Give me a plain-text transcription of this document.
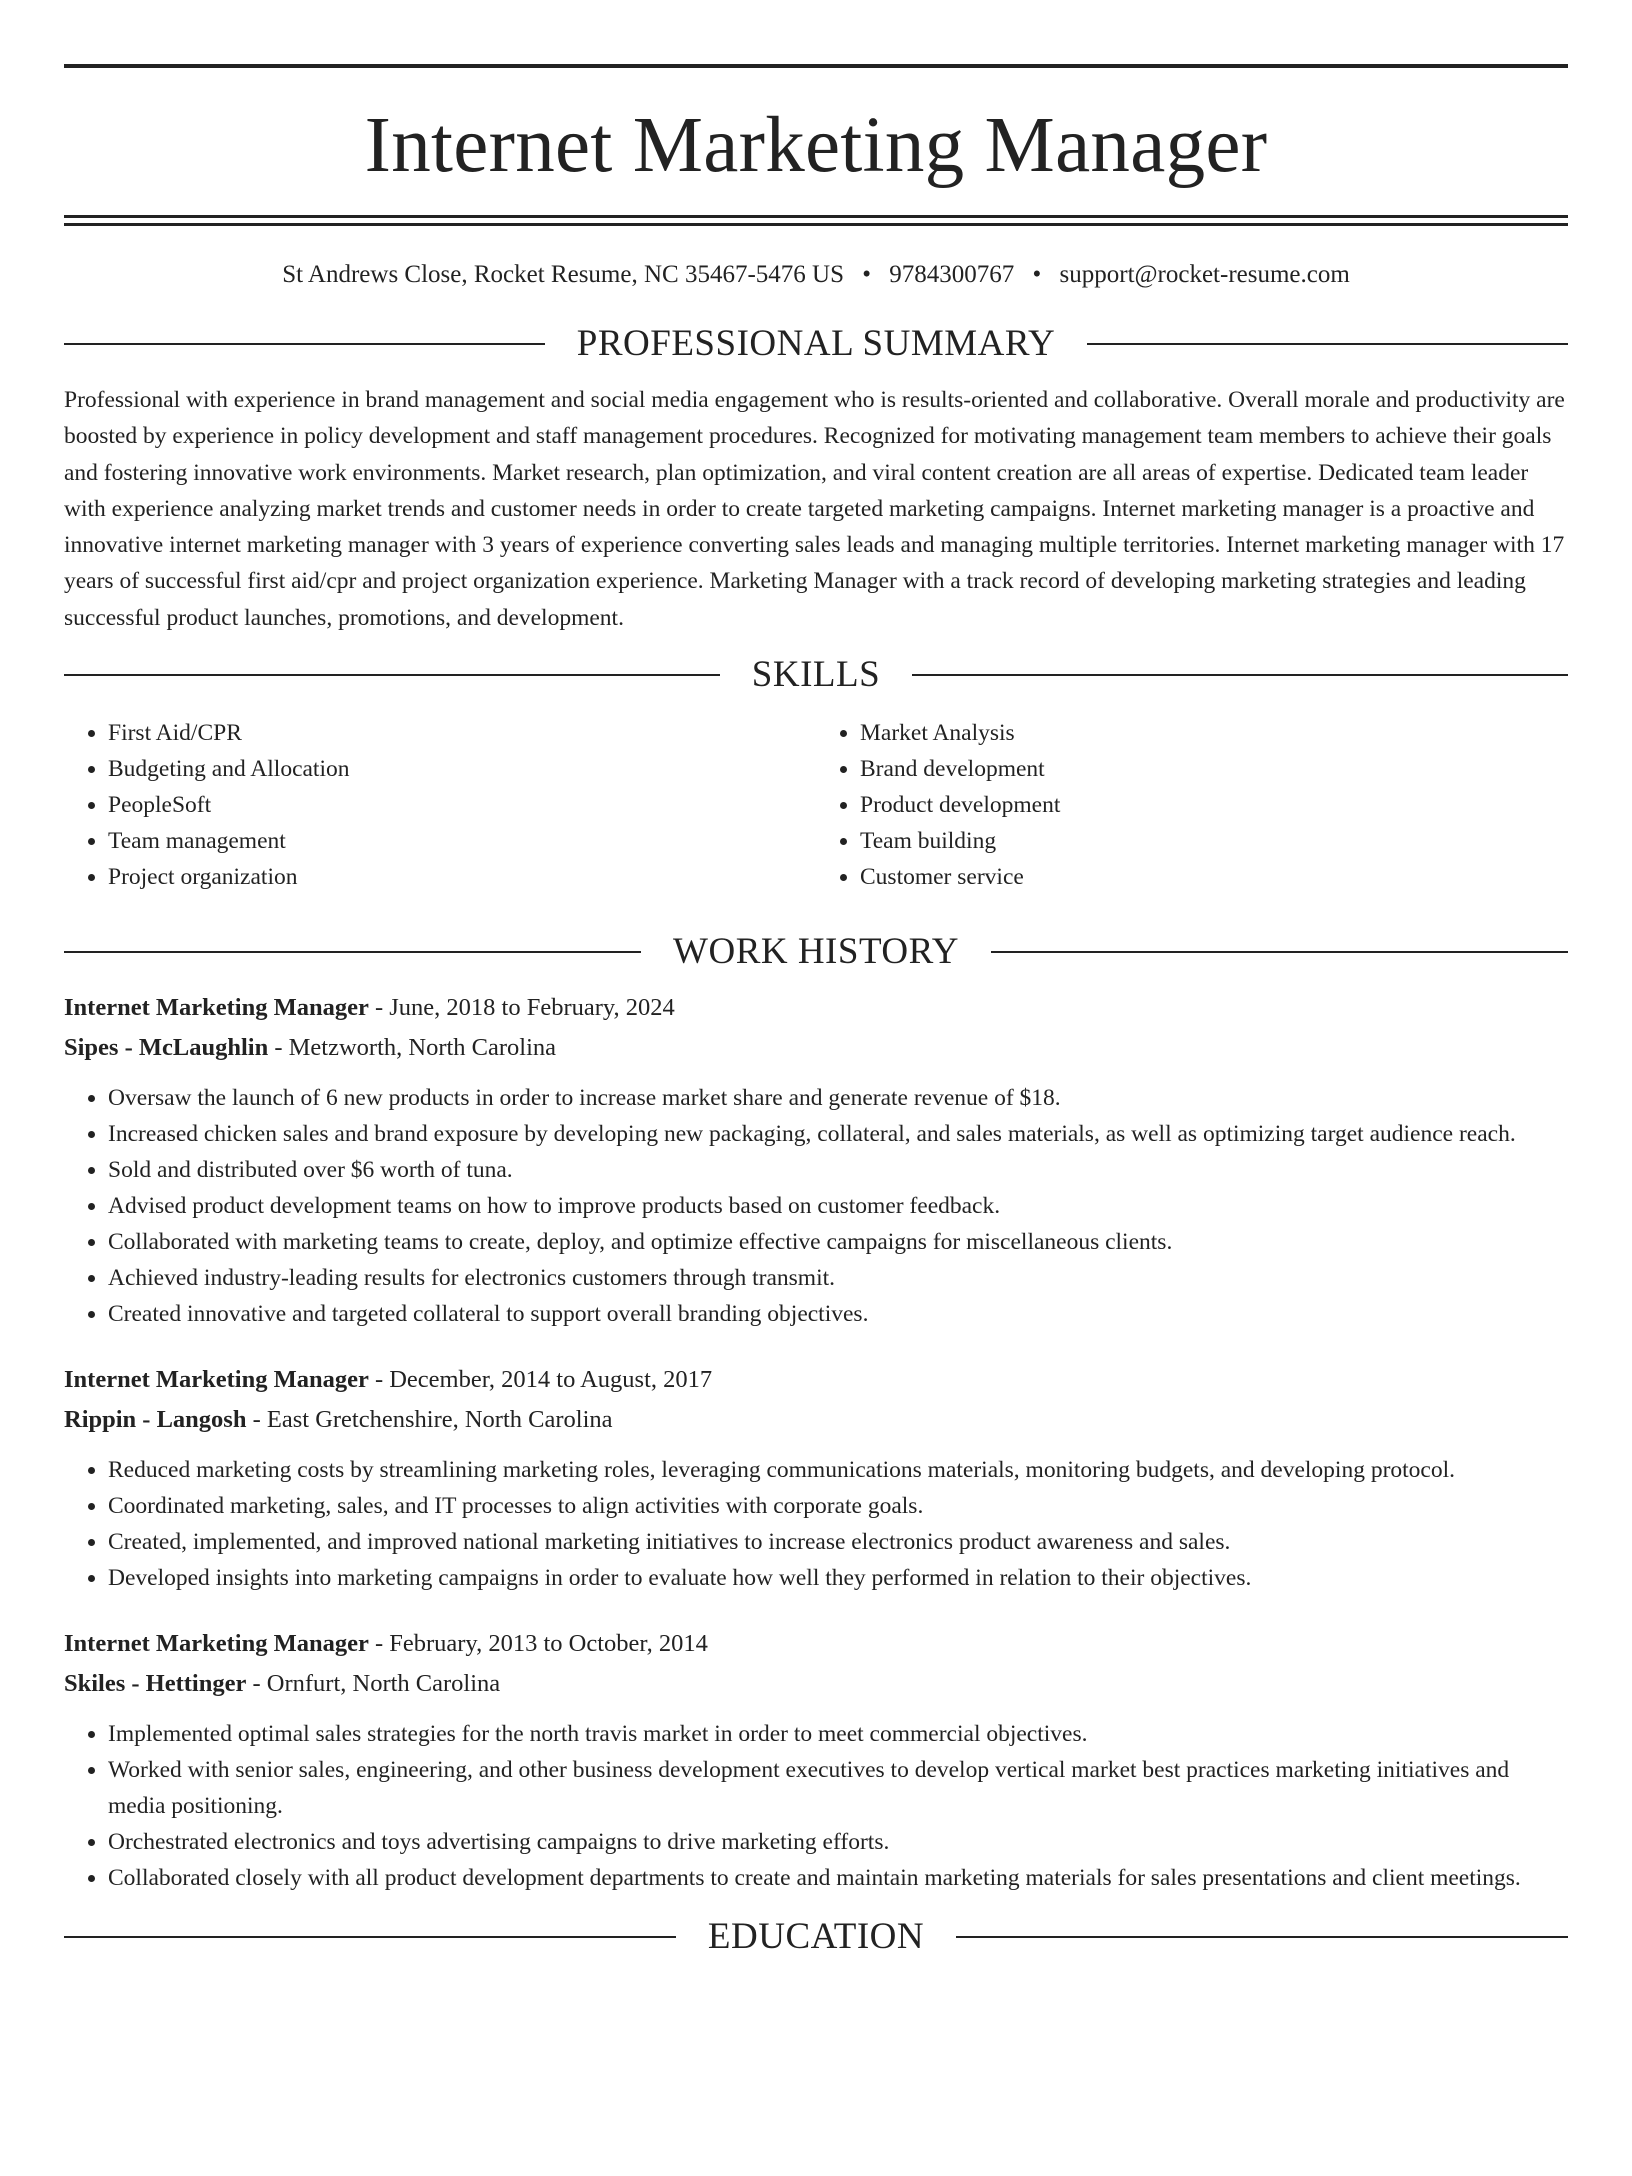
Internet Marketing Manager
St Andrews Close, Rocket Resume, NC 35467-5476 US • 9784300767 • support@rocket-resume.com
PROFESSIONAL SUMMARY

Professional with experience in brand management and social media engagement who is results-oriented and collaborative. Overall morale and productivity are boosted by experience in policy development and staff management procedures. Recognized for motivating management team members to achieve their goals and fostering innovative work environments. Market research, plan optimization, and viral content creation are all areas of expertise. Dedicated team leader with experience analyzing market trends and customer needs in order to create targeted marketing campaigns. Internet marketing manager is a proactive and innovative internet marketing manager with 3 years of experience converting sales leads and managing multiple territories. Internet marketing manager with 17 years of successful first aid/cpr and project organization experience. Marketing Manager with a track record of developing marketing strategies and leading successful product launches, promotions, and development.

SKILLS
• First Aid/CPR
• Budgeting and Allocation
• PeopleSoft
• Team management
• Project organization
• Market Analysis
• Brand development
• Product development
• Team building
• Customer service
WORK HISTORY
Internet Marketing Manager - June, 2018 to February, 2024
Sipes - McLaughlin - Metzworth, North Carolina
• Oversaw the launch of 6 new products in order to increase market share and generate revenue of $18.
• Increased chicken sales and brand exposure by developing new packaging, collateral, and sales materials, as well as optimizing target audience reach.
• Sold and distributed over $6 worth of tuna.
• Advised product development teams on how to improve products based on customer feedback.
• Collaborated with marketing teams to create, deploy, and optimize effective campaigns for miscellaneous clients.
• Achieved industry-leading results for electronics customers through transmit.
• Created innovative and targeted collateral to support overall branding objectives.
Internet Marketing Manager - December, 2014 to August, 2017
Rippin - Langosh - East Gretchenshire, North Carolina
• Reduced marketing costs by streamlining marketing roles, leveraging communications materials, monitoring budgets, and developing protocol.
• Coordinated marketing, sales, and IT processes to align activities with corporate goals.
• Created, implemented, and improved national marketing initiatives to increase electronics product awareness and sales.
• Developed insights into marketing campaigns in order to evaluate how well they performed in relation to their objectives.
Internet Marketing Manager - February, 2013 to October, 2014
Skiles - Hettinger - Ornfurt, North Carolina
• Implemented optimal sales strategies for the north travis market in order to meet commercial objectives.
• Worked with senior sales, engineering, and other business development executives to develop vertical market best practices marketing initiatives and media positioning.
• Orchestrated electronics and toys advertising campaigns to drive marketing efforts.
• Collaborated closely with all product development departments to create and maintain marketing materials for sales presentations and client meetings.
EDUCATION
